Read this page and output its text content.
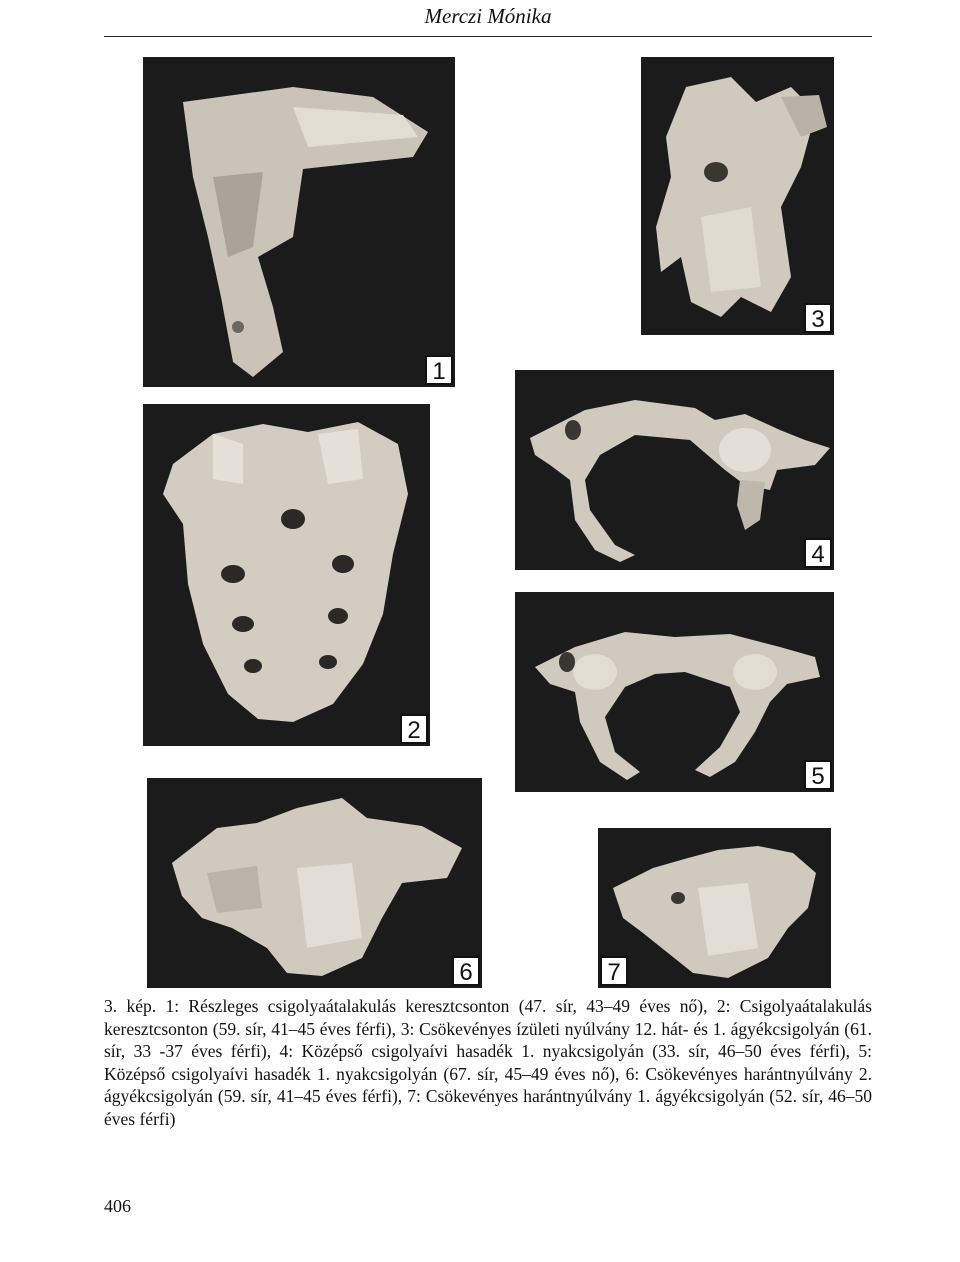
Merczi Mónika
1
3
4
2
5
6	7
3. kép. 1: Részleges csigolyaátalakulás keresztcsonton (47. sír, 43–49 éves nő), 2: Csigolyaátalakulás keresztcsonton (59. sír, 41–45 éves férfi), 3: Csökevényes ízületi nyúlvány 12. hát- és 1. ágyékcsigolyán (61. sír, 33 -37 éves férfi), 4: Középső csigolyaívi hasadék 1. nyakcsigolyán (33. sír, 46–50 éves férfi), 5: Középső csigolyaívi hasadék 1. nyakcsigolyán (67. sír, 45–49 éves nő), 6: Csökevényes harántnyúlvány 2. ágyékcsigolyán (59. sír, 41–45 éves férfi), 7: Csökevényes harántnyúlvány 1. ágyékcsigolyán (52. sír, 46–50 éves férfi)
406
